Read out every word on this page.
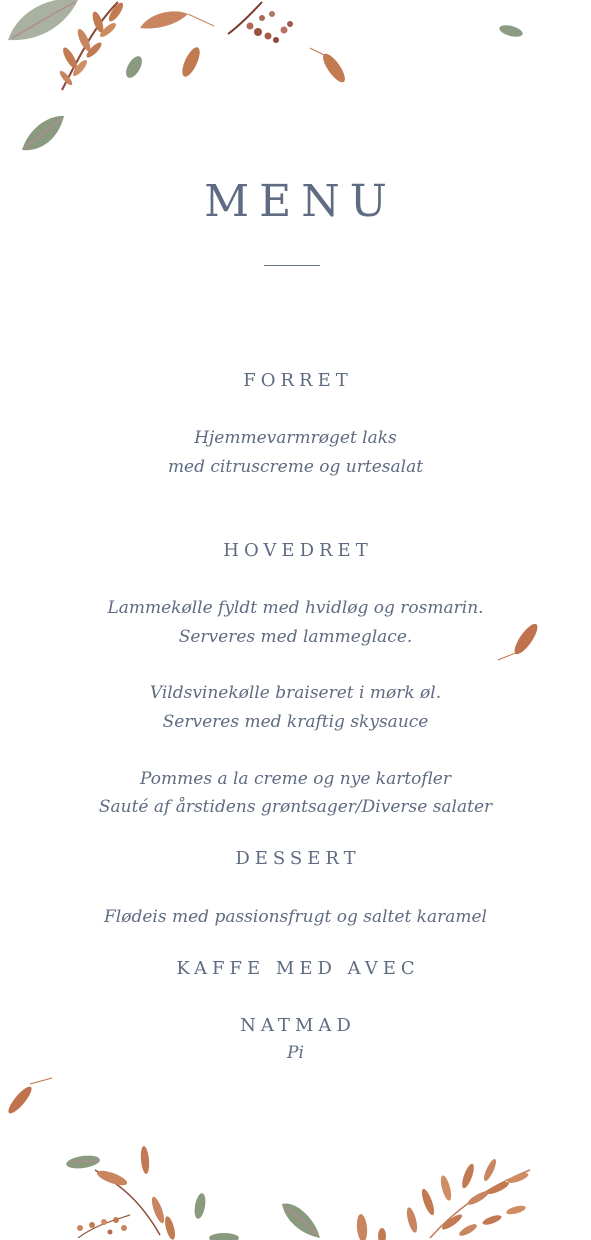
MENU
FORRET
Hjemmevarmrøget laks
med citruscreme og urtesalat
HOVEDRET
Lammekølle fyldt med hvidløg og rosmarin.
Serveres med lammeglace.
Vildsvinekølle braiseret i mørk øl.
Serveres med kraftig skysauce
Pommes a la creme og nye kartofler
Sauté af årstidens grøntsager/Diverse salater
DESSERT
Flødeis med passionsfrugt og saltet karamel
KAFFE MED AVEC
NATMAD
Pi
